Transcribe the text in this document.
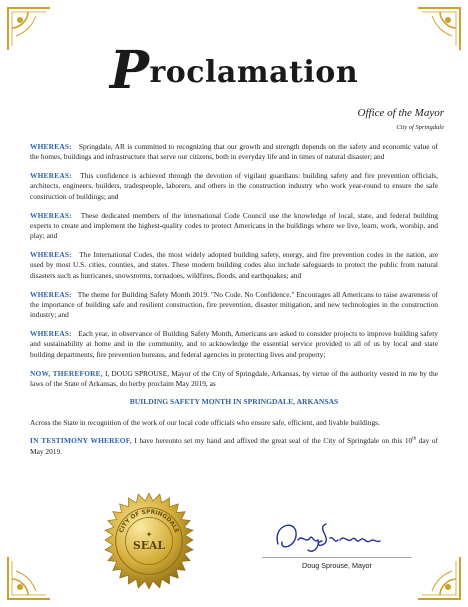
Proclamation
Office of the Mayor
City of Springdale

WHEREAS: Springdale, AR is committed to recognizing that our growth and strength depends on the safety and economic value of the homes, buildings and infrastructure that serve our citizens, both in everyday life and in times of natural disaster; and

WHEREAS: This confidence is achieved through the devotion of vigilant guardians: building safety and fire prevention officials, architects, engineers, builders, tradespeople, laborers, and others in the construction industry who work year-round to ensure the safe construction of buildings; and

WHEREAS: These dedicated members of the international Code Council use the knowledge of local, state, and federal building experts to create and implement the highest-quality codes to protect Americans in the buildings where we live, learn, work, worship, and play; and

WHEREAS: The International Codes, the most widely adopted building safety, energy, and fire prevention codes in the nation, are used by most U.S. cities, counties, and states. These modern building codes also include safeguards to protect the public from natural disasters such as hurricanes, snowstorms, tornadoes, wildfires, floods, and earthquakes; and

WHEREAS: The theme for Building Safety Month 2019. "No Code. No Confidence." Encourages all Americans to raise awareness of the importance of building safe and resilient construction, fire prevention, disaster mitigation, and new technologies in the construction industry; and

WHEREAS: Each year, in observance of Building Safety Month, Americans are asked to consider projects to improve building safety and sustainability at home and in the community, and to acknowledge the essential service provided to all of us by local and state building departments, fire prevention bureaus, and federal agencies in protecting lives and property;

NOW, THEREFORE, I, DOUG SPROUSE, Mayor of the City of Springdale, Arkansas, by virtue of the authority vested in me by the laws of the State of Arkansas, do herby proclaim May 2019, as

BUILDING SAFETY MONTH IN SPRINGDALE, ARKANSAS

Across the State in recognition of the work of our local code officials who ensure safe, efficient, and livable buildings.

IN TESTIMONY WHEREOF, I have hereunto set my hand and affixed the great seal of the City of Springdale on this 10th day of May 2019.

CITY OF SPRINGDALE
✦
SEAL
Doug Sprouse, Mayor
